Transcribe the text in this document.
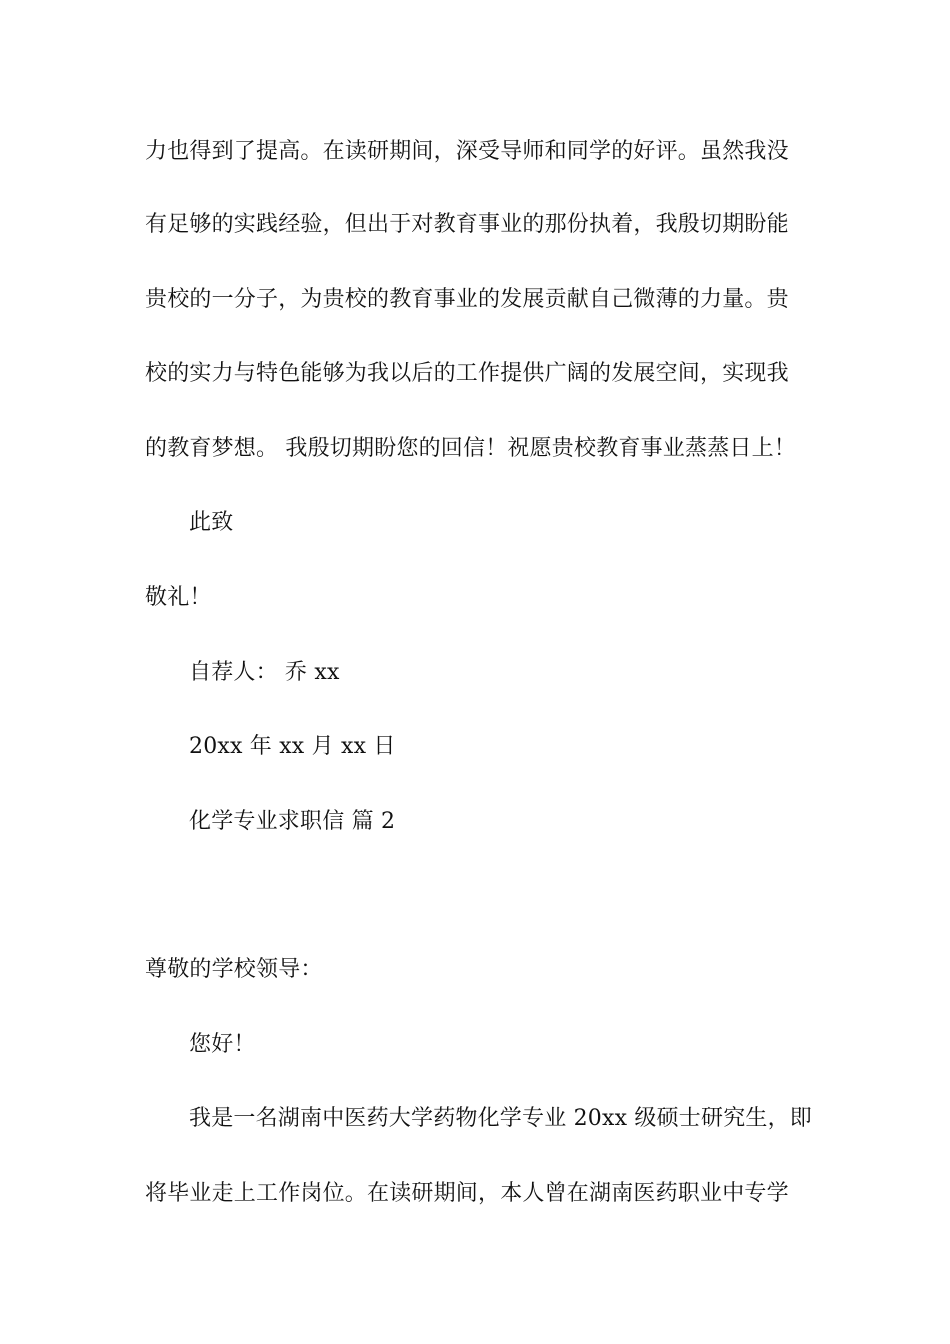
力也得到了提高。在读研期间，深受导师和同学的好评。虽然我没
有足够的实践经验，但出于对教育事业的那份执着，我殷切期盼能
贵校的一分子，为贵校的教育事业的发展贡献自己微薄的力量。贵
校的实力与特色能够为我以后的工作提供广阔的发展空间，实现我
的教育梦想。 我殷切期盼您的回信！祝愿贵校教育事业蒸蒸日上！
此致
敬礼！
自荐人： 乔 xx
20xx 年 xx 月 xx 日
化学专业求职信 篇 2
尊敬的学校领导：
您好！
我是一名湖南中医药大学药物化学专业 20xx 级硕士研究生，即
将毕业走上工作岗位。在读研期间，本人曾在湖南医药职业中专学
